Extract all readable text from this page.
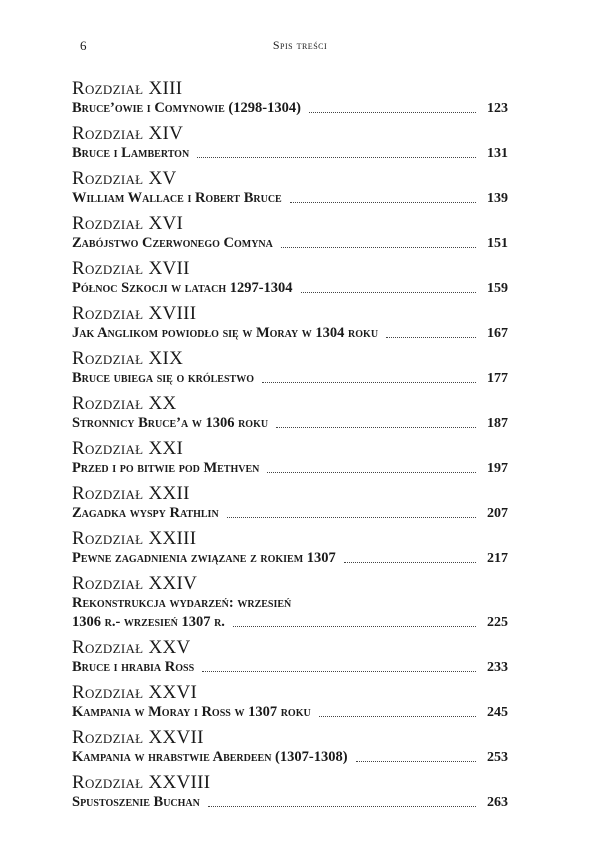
6	Spis treści
Rozdział XIII
Bruce’owie i Comynowie (1298-1304)	123
Rozdział XIV
Bruce i Lamberton	131
Rozdział XV
William Wallace i Robert Bruce	139
Rozdział XVI
Zabójstwo Czerwonego Comyna	151
Rozdział XVII
Północ Szkocji w latach 1297-1304	159
Rozdział XVIII
Jak Anglikom powiodło się w Moray w 1304 roku	167
Rozdział XIX
Bruce ubiega się o królestwo	177
Rozdział XX
Stronnicy Bruce’a w 1306 roku	187
Rozdział XXI
Przed i po bitwie pod Methven	197
Rozdział XXII
Zagadka wyspy Rathlin	207
Rozdział XXIII
Pewne zagadnienia związane z rokiem 1307	217
Rozdział XXIV
Rekonstrukcja wydarzeń: wrzesień
1306 r.- wrzesień 1307 r.	225
Rozdział XXV
Bruce i hrabia Ross	233
Rozdział XXVI
Kampania w Moray i Ross w 1307 roku	245
Rozdział XXVII
Kampania w hrabstwie Aberdeen (1307-1308)	253
Rozdział XXVIII
Spustoszenie Buchan	263
